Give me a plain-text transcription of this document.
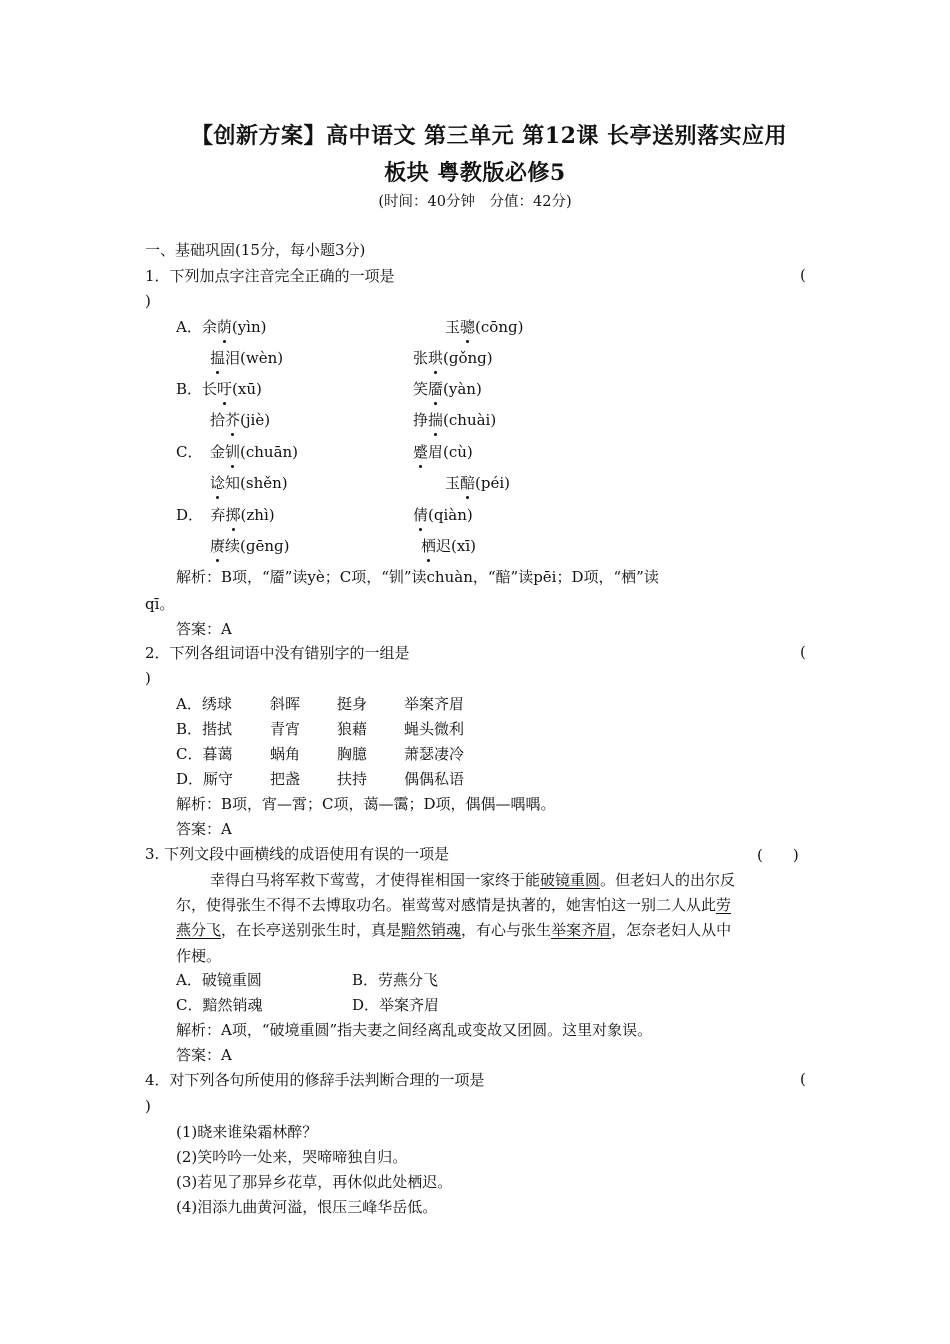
【创新方案】高中语文 第三单元 第12课 长亭送别落实应用
板块 粤教版必修5
(时间：40分钟　分值：42分)
一、基础巩固(15分，每小题3分)
1．下列加点字注音完全正确的一项是	(
)
A．余荫(yìn)	玉骢(cōnɡ)
揾泪(wèn)	张珙(ɡǒnɡ)
B．长吁(xū)	笑靥(yàn)
拾芥(jiè)	挣揣(chuài)
C．　金钏(chuān)	蹙眉(cù)
谂知(shěn)	玉醅(péi)
D．　弃掷(zhì)	倩(qiàn)
赓续(ɡēnɡ)	栖迟(xī)
解析：B项，“靥”读yè；C项，“钏”读chuàn，“醅”读pēi；D项，“栖”读
qī。
答案：A
2．下列各组词语中没有错别字的一组是	(
)
A．绣球	斜晖 挺身 举案齐眉
B．揩拭	青宵 狼藉 蝇头微利
C．暮蔼	蜗角 胸臆 萧瑟凄冷
D．厮守 把盏 扶持 偶偶私语
解析：B项，宵—霄；C项，蔼—霭；D项，偶偶—喁喁。
答案：A
3. 下列文段中画横线的成语使用有误的一项是	(　　)
幸得白马将军救下莺莺，才使得崔相国一家终于能破镜重圆。但老妇人的出尔反
尔，使得张生不得不去博取功名。崔莺莺对感情是执著的，她害怕这一别二人从此劳
燕分飞，在长亭送别张生时，真是黯然销魂，有心与张生举案齐眉，怎奈老妇人从中
作梗。
A．破镜重圆	B．劳燕分飞
C．黯然销魂	D．举案齐眉
解析：A项，“破境重圆”指夫妻之间经离乱或变故又团圆。这里对象误。
答案：A
4．对下列各句所使用的修辞手法判断合理的一项是	(
)
(1)晓来谁染霜林醉？
(2)笑吟吟一处来，哭啼啼独自归。
(3)若见了那异乡花草，再休似此处栖迟。
(4)泪添九曲黄河溢，恨压三峰华岳低。
